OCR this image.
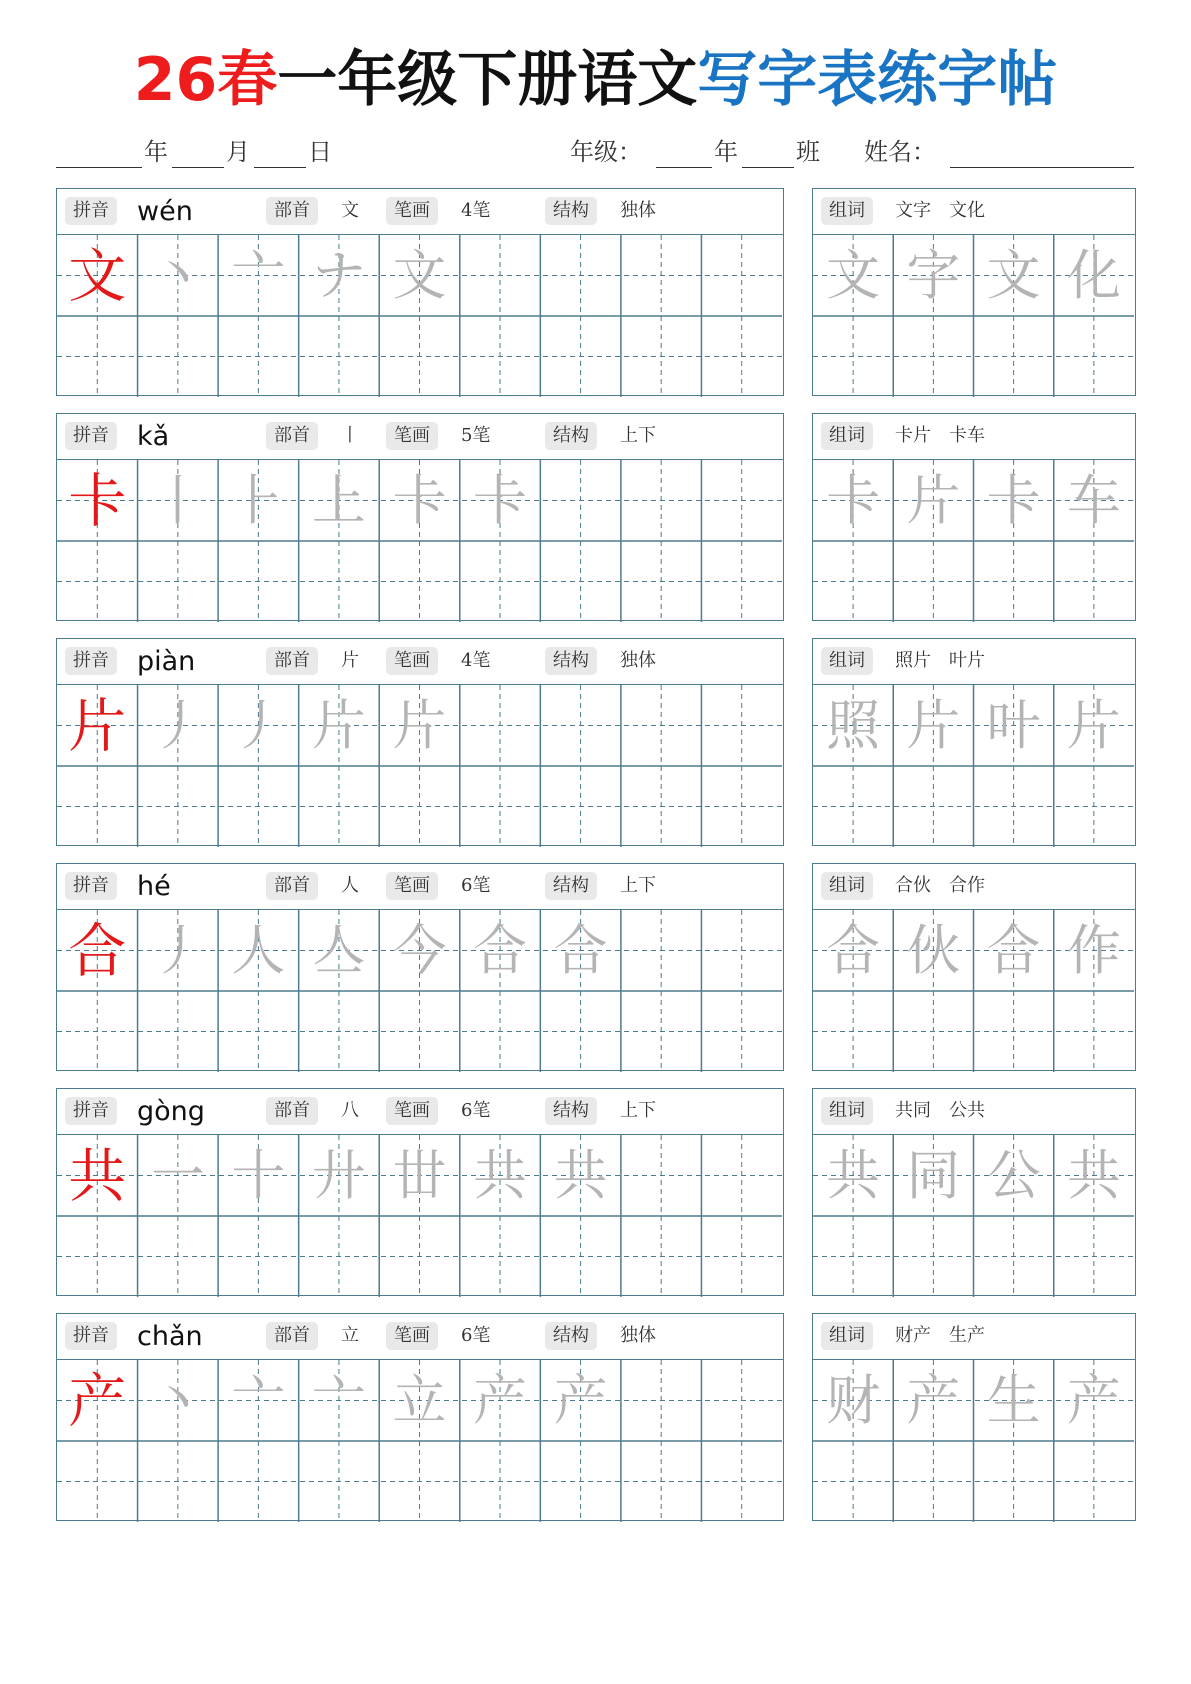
26春一年级下册语文写字表练字帖
年 月 日	年级：	年 班 姓名：
拼音 wén	部首	文	笔画	4笔	结构	独体
文 丶 亠 ナ 文
组词	文字　文化
文 字 文 化
拼音 kǎ	部首	丨	笔画	5笔	结构	上下
卡 丨 ⺊ 上 卡 卡
组词	卡片　卡车
卡 片 卡 车
拼音 piàn	部首	片	笔画	4笔	结构	独体
片 丿 丿 片 片
组词	照片　叶片
照 片 叶 片
拼音 hé	部首	人	笔画	6笔	结构	上下
合 丿 人 亼 今 合 合
组词	合伙　合作
合 伙 合 作
拼音 gòng	部首	八	笔画	6笔	结构	上下
共 一 十 廾 丗 共 共
组词	共同　公共
共 同 公 共
拼音 chǎn	部首	立	笔画	6笔	结构	独体
产 丶 亠 亠 立 产 产
组词	财产　生产
财 产 生 产
